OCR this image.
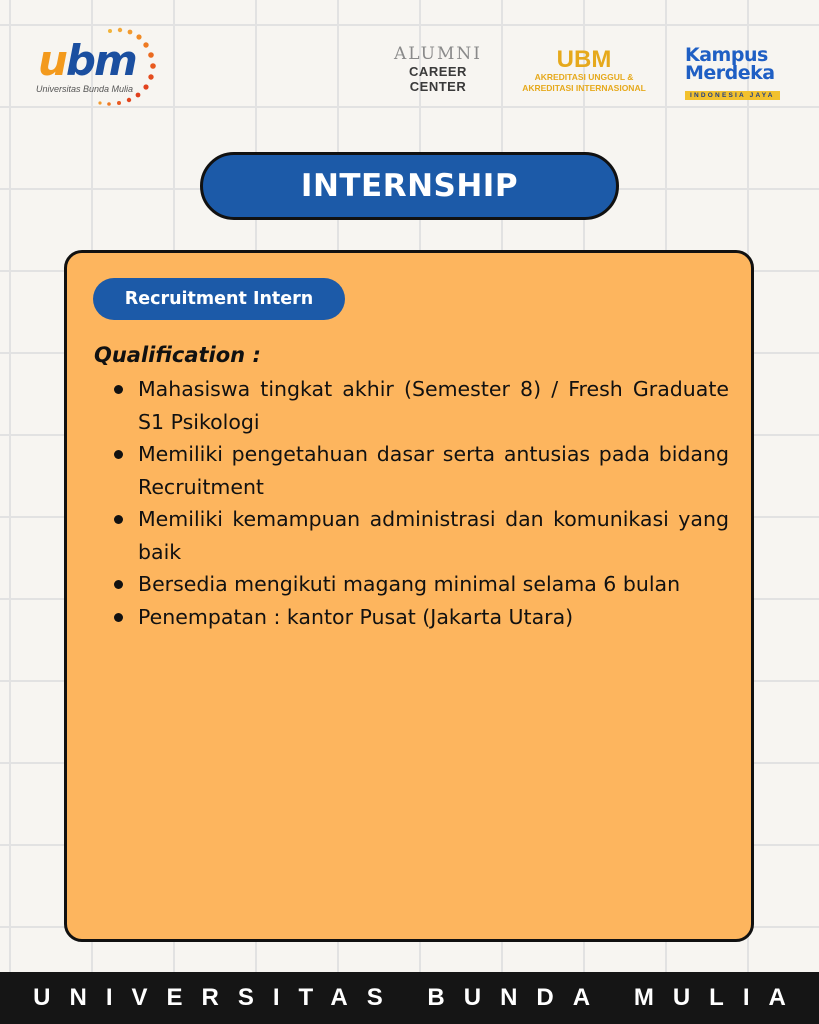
ubm
Universitas Bunda Mulia
ALUMNI
CAREER CENTER
UBM
AKREDITASI UNGGUL &
AKREDITASI INTERNASIONAL
Kampus
Merdeka
INDONESIA JAYA
INTERNSHIP
Recruitment Intern
Qualification :
Mahasiswa tingkat akhir (Semester 8) / Fresh Graduate S1 Psikologi
Memiliki pengetahuan dasar serta antusias pada bidang Recruitment
Memiliki kemampuan administrasi dan komunikasi yang baik
Bersedia mengikuti magang minimal selama 6 bulan
Penempatan : kantor Pusat (Jakarta Utara)
UNIVERSITAS BUNDA MULIA
